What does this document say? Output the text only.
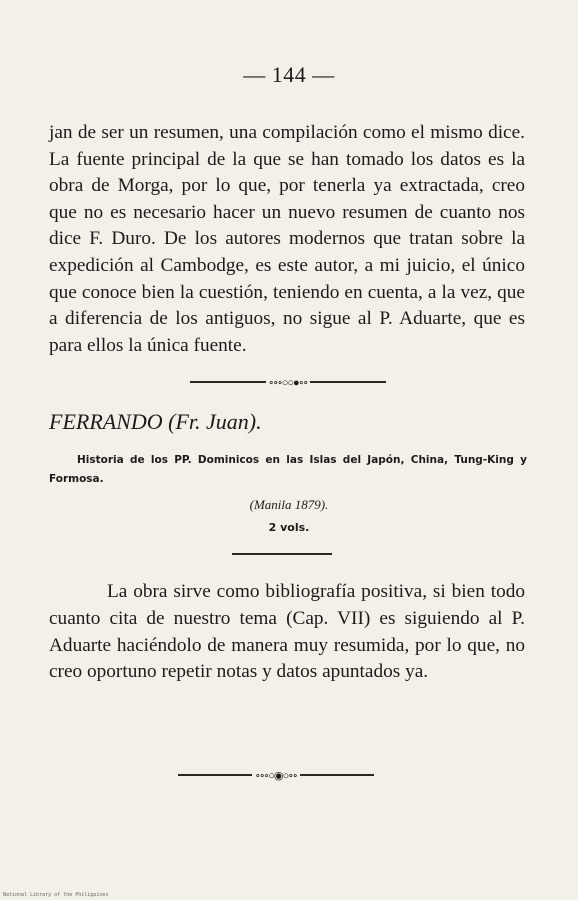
— 144 —

jan de ser un resumen, una compilación como el mismo dice. La fuente principal de la que se han tomado los datos es la obra de Morga, por lo que, por tenerla ya extractada, creo que no es necesario hacer un nuevo resumen de cuanto nos dice F. Duro. De los autores modernos que tratan sobre la expedición al Cambodge, es este autor, a mi juicio, el único que conoce bien la cuestión, teniendo en cuenta, a la vez, que a diferencia de los antiguos, no sigue al P. Aduarte, que es para ellos la única fuente.

∘∘∘○○●∘∘
FERRANDO (Fr. Juan).
Historia de los PP. Dominicos en las Islas del Japón, China, Tung-King y Formosa.
(Manila 1879).
2 vols.

La obra sirve como bibliografía positiva, si bien todo cuanto cita de nuestro tema (Cap. VII) es siguiendo al P. Aduarte haciéndolo de manera muy resumida, por lo que, no creo oportuno repetir notas y datos apuntados ya.

∘∘∘○◉○∘∘
National Library of the Philippines
